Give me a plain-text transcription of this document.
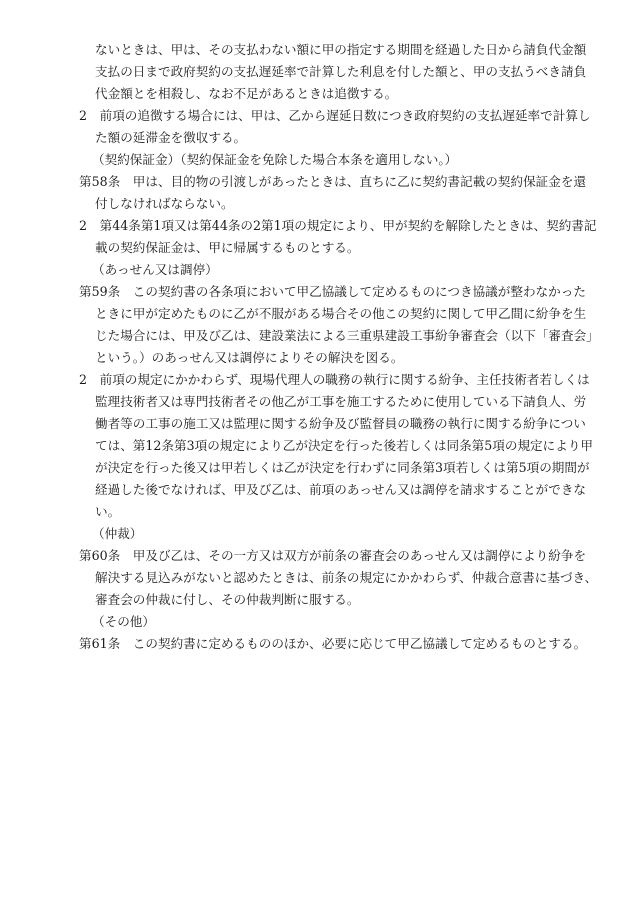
ないときは、甲は、その支払わない額に甲の指定する期間を経過した日から請負代金額
支払の日まで政府契約の支払遅延率で計算した利息を付した額と、甲の支払うべき請負
代金額とを相殺し、なお不足があるときは追徴する。
2　前項の追徴する場合には、甲は、乙から遅延日数につき政府契約の支払遅延率で計算し
た額の延滞金を徴収する。
（契約保証金）（契約保証金を免除した場合本条を適用しない。）
第58条　甲は、目的物の引渡しがあったときは、直ちに乙に契約書記載の契約保証金を還
付しなければならない。
2　第44条第1項又は第44条の2第1項の規定により、甲が契約を解除したときは、契約書記
載の契約保証金は、甲に帰属するものとする。
（あっせん又は調停）
第59条　この契約書の各条項において甲乙協議して定めるものにつき協議が整わなかった
ときに甲が定めたものに乙が不服がある場合その他この契約に関して甲乙間に紛争を生
じた場合には、甲及び乙は、建設業法による三重県建設工事紛争審査会（以下「審査会」
という。）のあっせん又は調停によりその解決を図る。
2　前項の規定にかかわらず、現場代理人の職務の執行に関する紛争、主任技術者若しくは
監理技術者又は専門技術者その他乙が工事を施工するために使用している下請負人、労
働者等の工事の施工又は監理に関する紛争及び監督員の職務の執行に関する紛争につい
ては、第12条第3項の規定により乙が決定を行った後若しくは同条第5項の規定により甲
が決定を行った後又は甲若しくは乙が決定を行わずに同条第3項若しくは第5項の期間が
経過した後でなければ、甲及び乙は、前項のあっせん又は調停を請求することができな
い。
（仲裁）
第60条　甲及び乙は、その一方又は双方が前条の審査会のあっせん又は調停により紛争を
解決する見込みがないと認めたときは、前条の規定にかかわらず、仲裁合意書に基づき、
審査会の仲裁に付し、その仲裁判断に服する。
（その他）
第61条　この契約書に定めるもののほか、必要に応じて甲乙協議して定めるものとする。
